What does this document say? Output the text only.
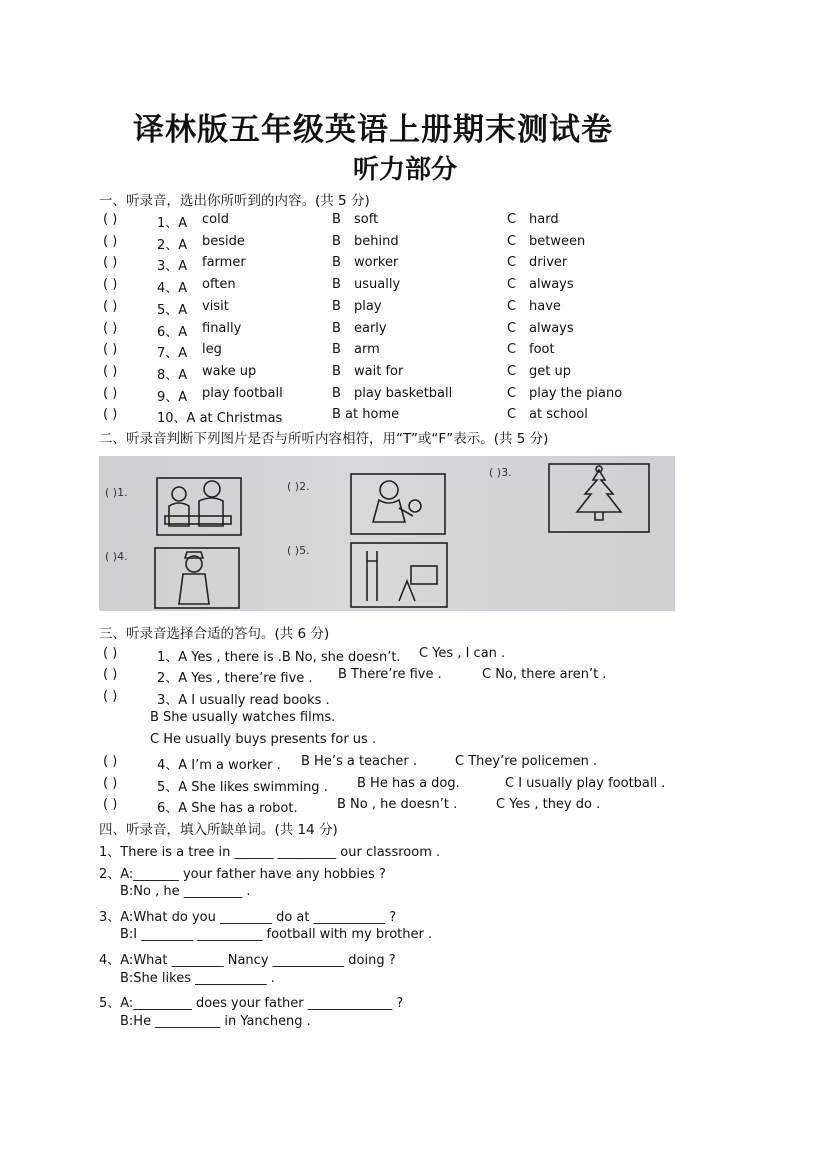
译林版五年级英语上册期末测试卷
听力部分
一、听录音，选出你所听到的内容。(共 5 分)
( )	1、A cold	B soft	C hard
( )	2、A beside	B behind	C between
( )	3、A farmer	B worker	C driver
( )	4、A often	B usually	C always
( )	5、A visit	B play	C have
( )	6、A finally	B early	C always
( )	7、A leg	B arm	C foot
( )	8、A wake up	B wait for	C get up
( )	9、A play football	B play basketball	C play the piano
( )	10、A at Christmas	B at home	C at school
二、听录音判断下列图片是否与所听内容相符，用“T”或“F”表示。(共 5 分)
( )1.	( )2.
( )3.
( )4.	( )5.
三、听录音选择合适的答句。(共 6 分)
( )	1、A Yes , there is .B No, she doesn’t. C Yes , I can .
( )	2、A Yes , there’re five . B There’re five .	C No, there aren’t .
( )	3、A I usually read books .
B She usually watches films.
C He usually buys presents for us .
( )	4、A I’m a worker . B He’s a teacher .	C They’re policemen .
( )	5、A She likes swimming . B He has a dog.	C I usually play football .
( )	6、A She has a robot.	B No , he doesn’t .	C Yes , they do .
四、听录音，填入所缺单词。(共 14 分)
1、There is a tree in ______ _________ our classroom .
2、A:_______ your father have any hobbies ?
B:No , he _________ .
3、A:What do you ________ do at ___________ ?
B:I ________ __________ football with my brother .
4、A:What ________ Nancy ___________ doing ?
B:She likes ___________ .
5、A:_________ does your father _____________ ?
B:He __________ in Yancheng .
